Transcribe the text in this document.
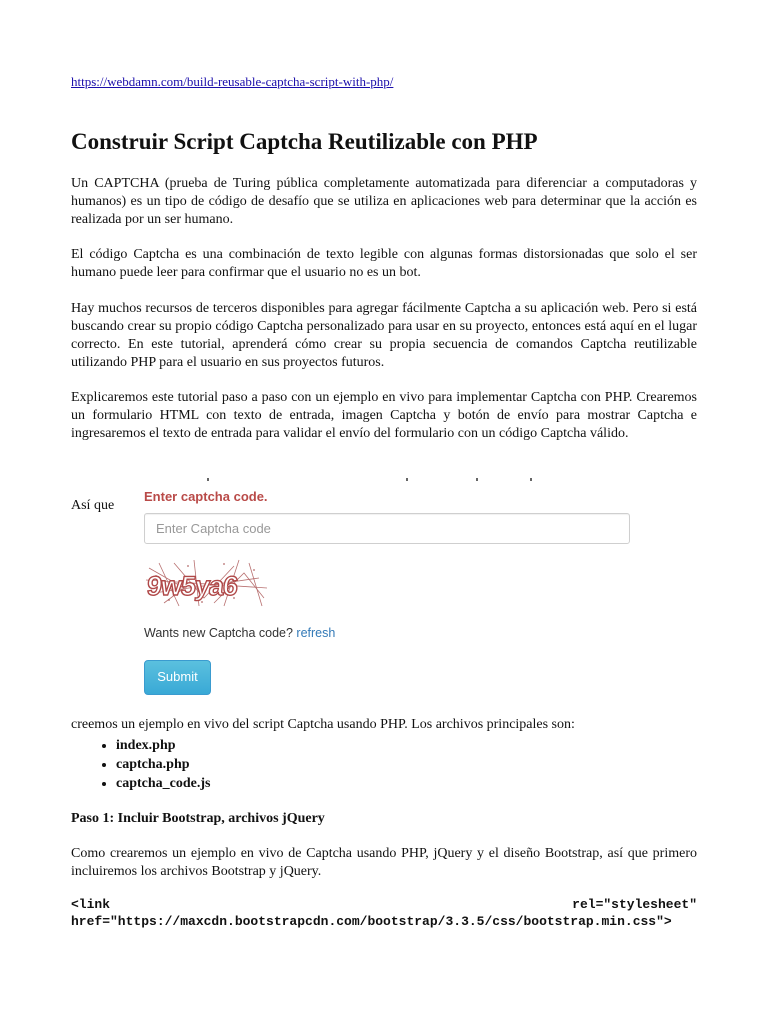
https://webdamn.com/build-reusable-captcha-script-with-php/
Construir Script Captcha Reutilizable con PHP

Un CAPTCHA (prueba de Turing pública completamente automatizada para diferenciar a computadoras y humanos) es un tipo de código de desafío que se utiliza en aplicaciones web para determinar que la acción es realizada por un ser humano.

El código Captcha es una combinación de texto legible con algunas formas distorsionadas que solo el ser humano puede leer para confirmar que el usuario no es un bot.

Hay muchos recursos de terceros disponibles para agregar fácilmente Captcha a su aplicación web. Pero si está buscando crear su propio código Captcha personalizado para usar en su proyecto, entonces está aquí en el lugar correcto. En este tutorial, aprenderá cómo crear su propia secuencia de comandos Captcha reutilizable utilizando PHP para el usuario en sus proyectos futuros.

Explicaremos este tutorial paso a paso con un ejemplo en vivo para implementar Captcha con PHP. Crearemos un formulario HTML con texto de entrada, imagen Captcha y botón de envío para mostrar Captcha e ingresaremos el texto de entrada para validar el envío del formulario con un código Captcha válido.

Así que
Enter captcha code.
Enter Captcha code
9w5ya6
Wants new Captcha code? refresh
Submit
creemos un ejemplo en vivo del script Captcha usando PHP. Los archivos principales son:
• index.php
• captcha.php
• captcha_code.js
Paso 1: Incluir Bootstrap, archivos jQuery

Como crearemos un ejemplo en vivo de Captcha usando PHP, jQuery y el diseño Bootstrap, así que primero incluiremos los archivos Bootstrap y jQuery.

<link	rel="stylesheet"
href="https://maxcdn.bootstrapcdn.com/bootstrap/3.3.5/css/bootstrap.min.css">
